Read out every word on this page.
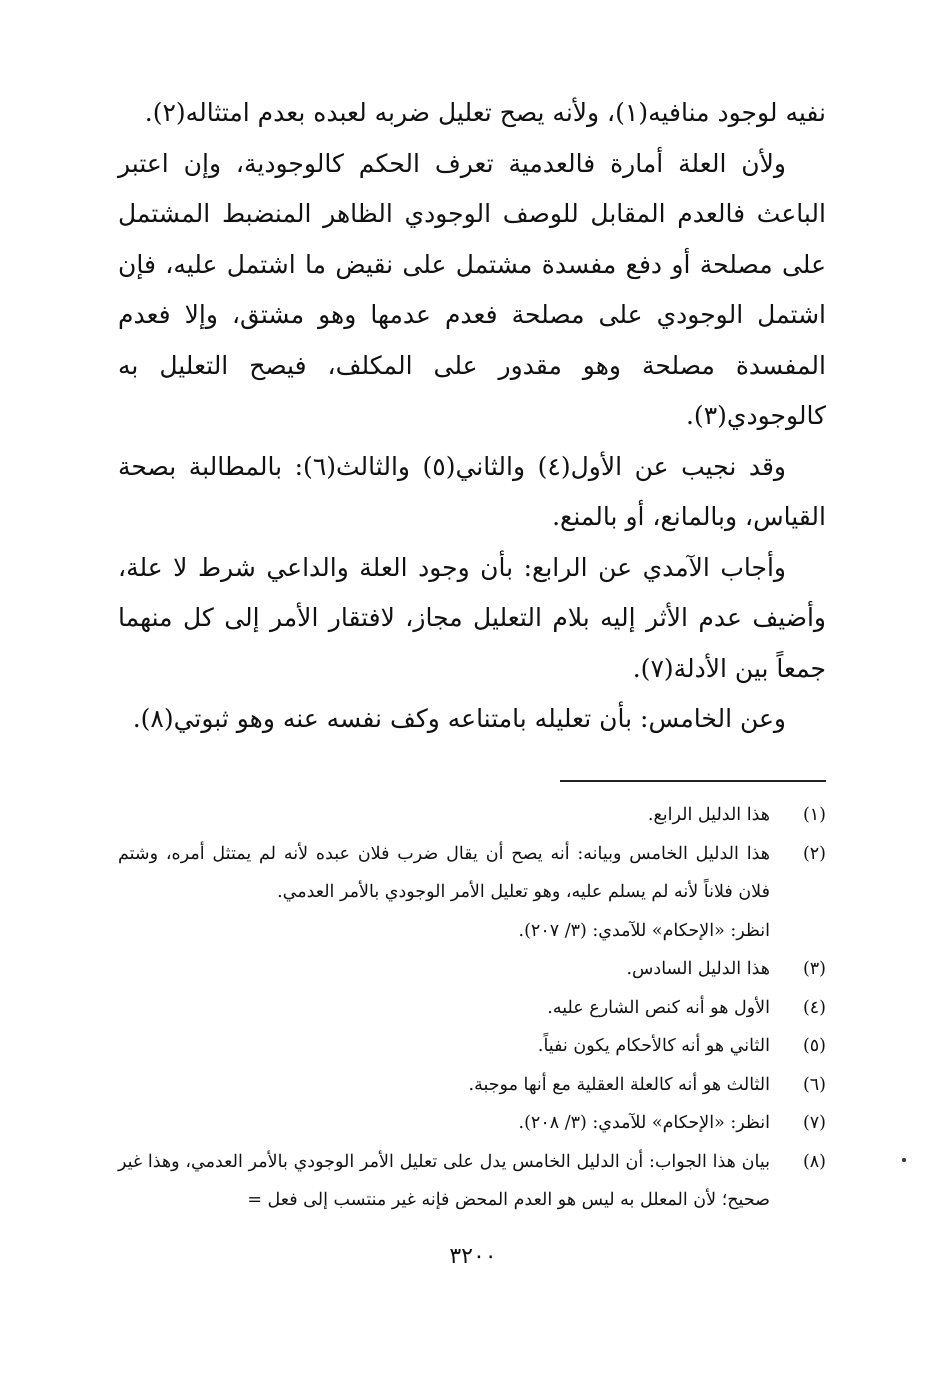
نفيه لوجود منافيه(١)، ولأنه يصح تعليل ضربه لعبده بعدم امتثاله(٢).

ولأن العلة أمارة فالعدمية تعرف الحكم كالوجودية، وإن اعتبر الباعث فالعدم المقابل للوصف الوجودي الظاهر المنضبط المشتمل على مصلحة أو دفع مفسدة مشتمل على نقيض ما اشتمل عليه، فإن اشتمل الوجودي على مصلحة فعدم عدمها وهو مشتق، وإلا فعدم المفسدة مصلحة وهو مقدور على المكلف، فيصح التعليل به كالوجودي(٣).

وقد نجيب عن الأول(٤) والثاني(٥) والثالث(٦): بالمطالبة بصحة القياس، وبالمانع، أو بالمنع.

وأجاب الآمدي عن الرابع: بأن وجود العلة والداعي شرط لا علة، وأضيف عدم الأثر إليه بلام التعليل مجاز، لافتقار الأمر إلى كل منهما جمعاً بين الأدلة(٧).

وعن الخامس: بأن تعليله بامتناعه وكف نفسه عنه وهو ثبوتي(٨).

(١)
هذا الدليل الرابع.
(٢)
هذا الدليل الخامس وبيانه: أنه يصح أن يقال ضرب فلان عبده لأنه لم يمتثل أمره، وشتم فلان فلاناً لأنه لم يسلم عليه، وهو تعليل الأمر الوجودي بالأمر العدمي.
انظر: «الإحكام» للآمدي: (٣/ ٢٠٧).
(٣)
هذا الدليل السادس.
(٤)
الأول هو أنه كنص الشارع عليه.
(٥)
الثاني هو أنه كالأحكام يكون نفياً.
(٦)
الثالث هو أنه كالعلة العقلية مع أنها موجبة.
(٧)
انظر: «الإحكام» للآمدي: (٣/ ٢٠٨).
(٨)
بيان هذا الجواب: أن الدليل الخامس يدل على تعليل الأمر الوجودي بالأمر العدمي، وهذا غير صحيح؛ لأن المعلل به ليس هو العدم المحض فإنه غير منتسب إلى فعل =
٣٢٠٠
